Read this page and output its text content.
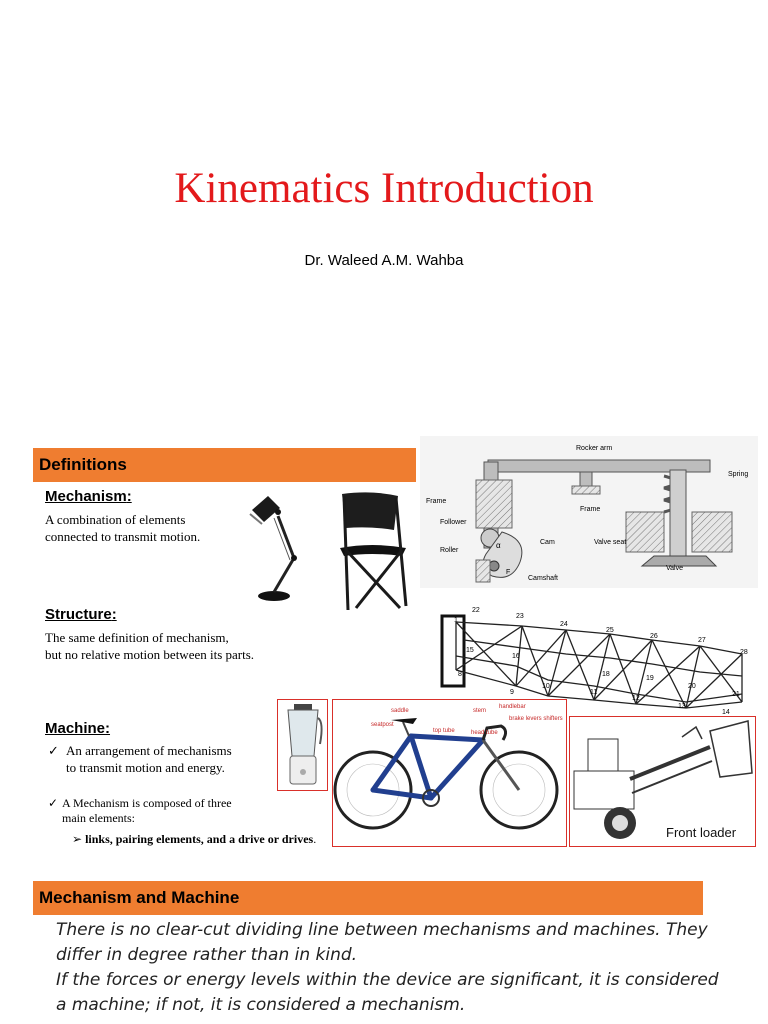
Kinematics Introduction
Dr. Waleed A.M. Wahba
Definitions
Mechanism:
A combination of elements
connected to transmit motion.
Rocker arm
Spring
Frame
Frame
Follower
Cam	Valve seat
Roller
Camshaft
Valve
α
F
Structure:
The same definition of mechanism,
but no relative motion between its parts.
22
23
24
25
26
27
28
1
15
16
8
9
10
11
12
13
14
18
19
20
21
Machine:
✓ An arrangement of mechanisms
to transmit motion and energy.
✓ A Mechanism is composed of three
main elements:
➢ links, pairing elements, and a drive or drives.
saddle	stem
handlebar
seatpost
top tube
brake levers shifters
head tube
Front loader
Mechanism and Machine
There is no clear-cut dividing line between mechanisms and machines. They
differ in degree rather than in kind.
If the forces or energy levels within the device are significant, it is considered
a machine; if not, it is considered a mechanism.
